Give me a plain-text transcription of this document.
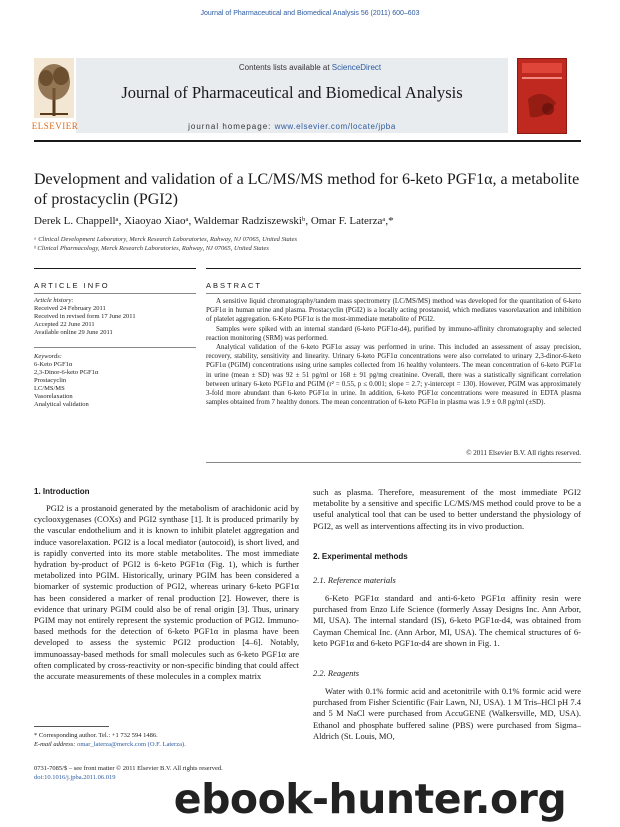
Journal of Pharmaceutical and Biomedical Analysis 56 (2011) 600–603
Contents lists available at ScienceDirect
Journal of Pharmaceutical and Biomedical Analysis
journal homepage: www.elsevier.com/locate/jpba
ELSEVIER
Development and validation of a LC/MS/MS method for 6-keto PGF1α, a metabolite of prostacyclin (PGI2)
Derek L. Chappellᵃ, Xiaoyao Xiaoᵃ, Waldemar Radziszewskiᵇ, Omar F. Laterzaᵃ,*
ᵃ Clinical Development Laboratory, Merck Research Laboratories, Rahway, NJ 07065, United States
ᵇ Clinical Pharmacology, Merck Research Laboratories, Rahway, NJ 07065, United States
ARTICLE INFO	ABSTRACT
Article history:
Received 24 February 2011
Received in revised form 17 June 2011
Accepted 22 June 2011
Available online 29 June 2011
Keywords:
6-Keto PGF1α
2,3-Dinor-6-keto PGF1α
Prostacyclin
LC/MS/MS
Vasorelaxation
Analytical validation

A sensitive liquid chromatography/tandem mass spectrometry (LC/MS/MS) method was developed for the quantitation of 6-keto PGF1α in human urine and plasma. Prostacyclin (PGI2) is a locally acting prostanoid, which mediates vasorelaxation and inhibition of platelet aggregation. 6-Keto PGF1α is the most-immediate metabolite of PGI2.

Samples were spiked with an internal standard (6-keto PGF1α-d4), purified by immuno-affinity chromatography and selected reaction monitoring (SRM) was performed.

Analytical validation of the 6-keto PGF1α assay was performed in urine. This included an assessment of assay precision, recovery, stability, sensitivity and linearity. Urinary 6-keto PGF1α concentrations were also correlated to urinary 2,3-dinor-6-keto PGF1α (PGIM) concentrations using urine samples collected from 16 healthy volunteers. The mean concentration of 6-keto PGF1α in urine (mean ± SD) was 92 ± 51 pg/ml or 168 ± 91 pg/mg creatinine. Overall, there was a statistically significant correlation between urinary 6-keto PGF1α and PGIM (r² = 0.55, p ≤ 0.001; slope = 2.7; y-intercept = 130). However, PGIM was approximately 3-fold more abundant than 6-keto PGF1α in urine. In addition, 6-keto PGF1α concentrations were measured in EDTA plasma samples obtained from 7 healthy donors. The mean concentration of 6-keto PGF1α in plasma was 1.9 ± 0.8 pg/ml (±SD).

© 2011 Elsevier B.V. All rights reserved.
1. Introduction

PGI2 is a prostanoid generated by the metabolism of arachidonic acid by cyclooxygenases (COXs) and PGI2 synthase [1]. It is produced primarily by the vascular endothelium and it is known to inhibit platelet aggregation and induce vasorelaxation. PGI2 is a local mediator (autocoid), is short lived, and is rapidly converted into its more stable metabolites. The most immediate hydration by-product of PGI2 is 6-keto PGF1α (Fig. 1), which is further metabolized into PGIM. Historically, urinary PGIM has been considered a biomarker of systemic production of PGI2, whereas urinary 6-keto PGF1α has been considered a marker of renal production [2]. However, there is evidence that urinary PGIM could also be of renal origin [3]. Thus, urinary PGIM may not entirely represent the systemic production of PGI2. Immuno-based methods for the detection of 6-keto PGF1α in plasma have been developed to assess the systemic PGI2 production [4–6]. Notably, immunoassay-based methods for small molecules such as 6-keto PGF1α are often complicated by cross-reactivity or non-specific binding that could affect the accurate measurements of these molecules in a complex matrix

such as plasma. Therefore, measurement of the most immediate PGI2 metabolite by a sensitive and specific LC/MS/MS method could prove to be a useful analytical tool that can be used to better understand the physiology of PGI2, as well as interventions affecting its in vivo production.
2. Experimental methods
2.1. Reference materials

6-Keto PGF1α standard and anti-6-keto PGF1α affinity resin were purchased from Enzo Life Science (formerly Assay Designs Inc. Ann Arbor, MI, USA). The internal standard (IS), 6-keto PGF1α-d4, was obtained from Cayman Chemical Inc. (Ann Arbor, MI, USA). The chemical structures of 6-keto PGF1α and 6-keto PGF1α-d4 are shown in Fig. 1.

2.2. Reagents

Water with 0.1% formic acid and acetonitrile with 0.1% formic acid were purchased from Fisher Scientific (Fair Lawn, NJ, USA). 1 M Tris–HCl pH 7.4 and 5 M NaCl were purchased from AccuGENE (Walkersville, MD, USA). Ethanol and phosphate buffered saline (PBS) were purchased from Sigma–Aldrich (St. Louis, MO,

* Corresponding author. Tel.: +1 732 594 1486.
E-mail address: omar_laterza@merck.com (O.F. Laterza).
0731-7085/$ – see front matter © 2011 Elsevier B.V. All rights reserved.
doi:10.1016/j.jpba.2011.06.019	ebook-hunter.org
